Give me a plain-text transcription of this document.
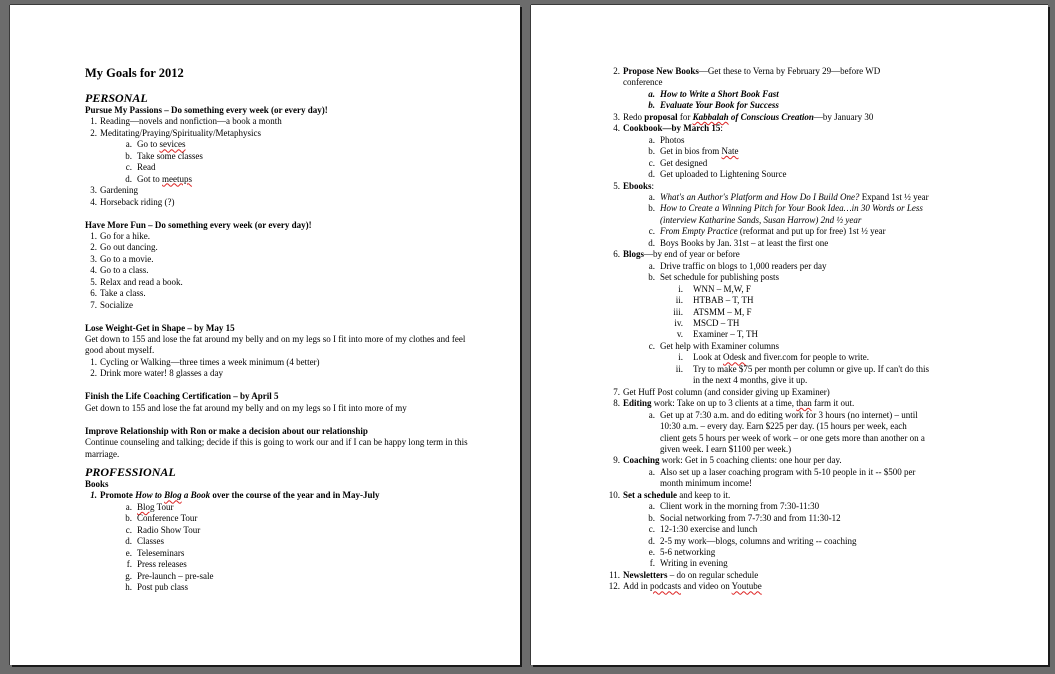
My Goals for 2012
PERSONAL
Pursue My Passions – Do something every week (or every day)!
1. Reading—novels and nonfiction—a book a month
2. Meditating/Praying/Spirituality/Metaphysics
a. Go to sevices
b. Take some classes
c. Read
d. Got to meetups
3. Gardening
4. Horseback riding (?)
Have More Fun – Do something every week (or every day)!
1. Go for a hike.
2. Go out dancing.
3. Go to a movie.
4. Go to a class.
5. Relax and read a book.
6. Take a class.
7. Socialize
Lose Weight-Get in Shape – by May 15
Get down to 155 and lose the fat around my belly and on my legs so I fit into more of my clothes and feel good about myself.
1. Cycling or Walking—three times a week minimum (4 better)
2. Drink more water! 8 glasses a day
Finish the Life Coaching Certification – by April 5
Get down to 155 and lose the fat around my belly and on my legs so I fit into more of my
Improve Relationship with Ron or make a decision about our relationship
Continue counseling and talking; decide if this is going to work our and if I can be happy long term in this marriage.
PROFESSIONAL
Books
1. Promote How to Blog a Book over the course of the year and in May-July
a. Blog Tour
b. Conference Tour
c. Radio Show Tour
d. Classes
e. Teleseminars
f. Press releases
g. Pre-launch – pre-sale
h. Post pub class
2. Propose New Books—Get these to Verna by February 29—before WD
conference
a. How to Write a Short Book Fast
b. Evaluate Your Book for Success
3. Redo proposal for Kabbalah of Conscious Creation—by January 30
4. Cookbook—by March 15:
a. Photos
b. Get in bios from Nate
c. Get designed
d. Get uploaded to Lightening Source
5. Ebooks:
a. What's an Author's Platform and How Do I Build One? Expand 1st ½ year
b. How to Create a Winning Pitch for Your Book Idea…in 30 Words or Less
(interview Katharine Sands, Susan Harrow) 2nd ½ year
c. From Empty Practice (reformat and put up for free) 1st ½ year
d. Boys Books by Jan. 31st – at least the first one
6. Blogs—by end of year or before
a. Drive traffic on blogs to 1,000 readers per day
b. Set schedule for publishing posts
i. WNN – M,W, F
ii. HTBAB – T, TH
iii. ATSMM – M, F
iv. MSCD – TH
v. Examiner – T, TH
c. Get help with Examiner columns
i. Look at Odesk and fiver.com for people to write.
ii. Try to make $75 per month per column or give up. If can't do this
in the next 4 months, give it up.
7. Get Huff Post column (and consider giving up Examiner)
8. Editing work: Take on up to 3 clients at a time, than farm it out.
a. Get up at 7:30 a.m. and do editing work for 3 hours (no internet) – until
10:30 a.m. – every day. Earn $225 per day. (15 hours per week, each
client gets 5 hours per week of work – or one gets more than another on a
given week. I earn $1100 per week.)
9. Coaching work: Get in 5 coaching clients: one hour per day.
a. Also set up a laser coaching program with 5-10 people in it -- $500 per
month minimum income!
10. Set a schedule and keep to it.
a. Client work in the morning from 7:30-11:30
b. Social networking from 7-7:30 and from 11:30-12
c. 12-1:30 exercise and lunch
d. 2-5 my work—blogs, columns and writing -- coaching
e. 5-6 networking
f. Writing in evening
11. Newsletters – do on regular schedule
12. Add in podcasts and video on Youtube
